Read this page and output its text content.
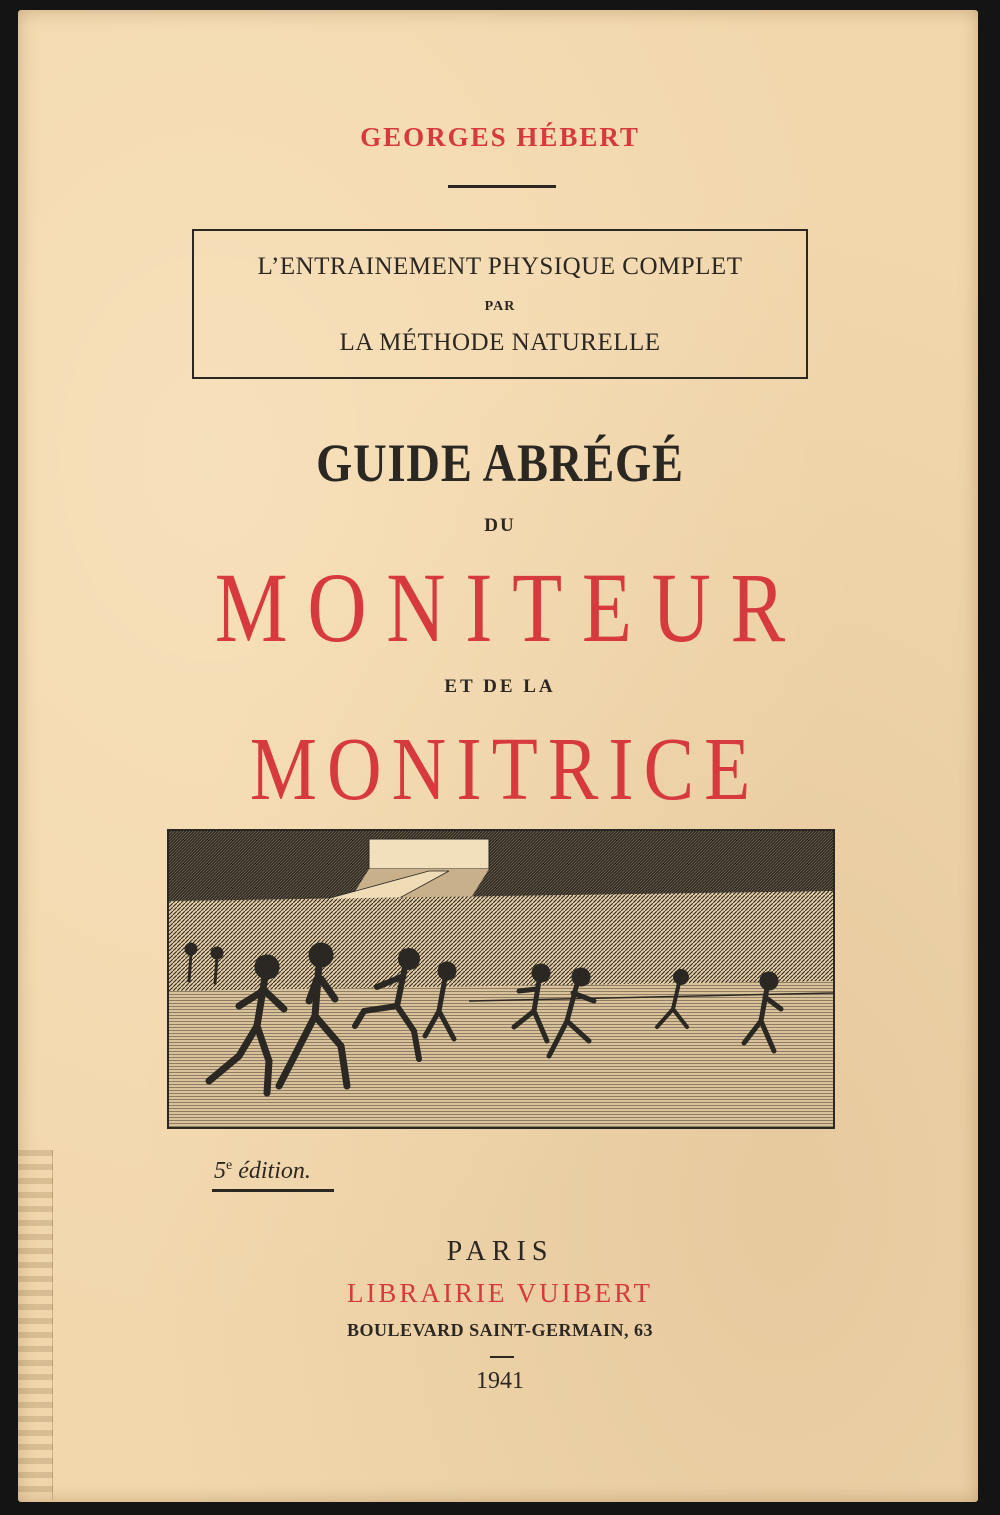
GEORGES HÉBERT
L’ENTRAINEMENT PHYSIQUE COMPLET
PAR
LA MÉTHODE NATURELLE
GUIDE ABRÉGÉ
DU
MONITEUR
ET DE LA
MONITRICE
5e édition.
PARIS
LIBRAIRIE VUIBERT
BOULEVARD SAINT-GERMAIN, 63
1941
